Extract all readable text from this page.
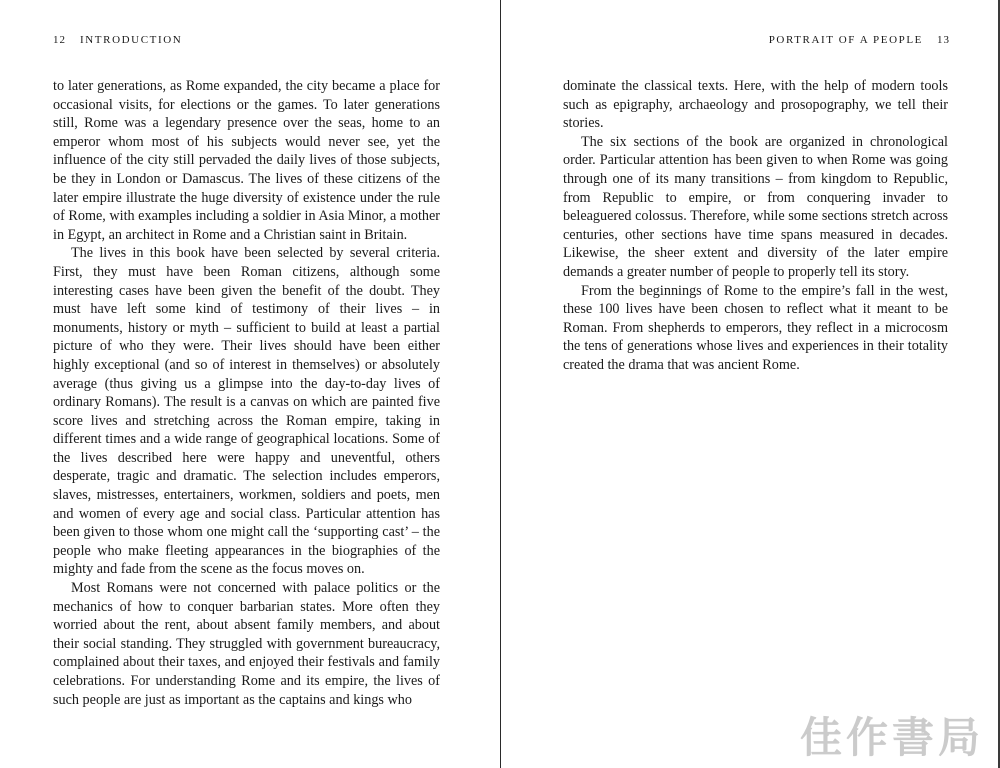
12 INTRODUCTION

to later generations, as Rome expanded, the city became a place for occasional visits, for elections or the games. To later generations still, Rome was a legendary presence over the seas, home to an emperor whom most of his subjects would never see, yet the influence of the city still pervaded the daily lives of those subjects, be they in London or Damascus. The lives of these citizens of the later empire illustrate the huge diversity of existence under the rule of Rome, with examples including a soldier in Asia Minor, a mother in Egypt, an architect in Rome and a Christian saint in Britain.

The lives in this book have been selected by several criteria. First, they must have been Roman citizens, although some interesting cases have been given the benefit of the doubt. They must have left some kind of testimony of their lives – in monuments, history or myth – sufficient to build at least a partial picture of who they were. Their lives should have been either highly exceptional (and so of interest in themselves) or absolutely average (thus giving us a glimpse into the day-to-day lives of ordinary Romans). The result is a canvas on which are painted five score lives and stretching across the Roman empire, taking in different times and a wide range of geographical locations. Some of the lives described here were happy and uneventful, others desperate, tragic and dramatic. The selection includes emperors, slaves, mistresses, entertainers, workmen, soldiers and poets, men and women of every age and social class. Particular attention has been given to those whom one might call the ‘supporting cast’ – the people who make fleeting appearances in the biographies of the mighty and fade from the scene as the focus moves on.

Most Romans were not concerned with palace politics or the mechanics of how to conquer barbarian states. More often they worried about the rent, about absent family members, and about their social standing. They struggled with government bureaucracy, complained about their taxes, and enjoyed their festivals and family celebrations. For understanding Rome and its empire, the lives of such people are just as important as the captains and kings who

PORTRAIT OF A PEOPLE 13

dominate the classical texts. Here, with the help of modern tools such as epigraphy, archaeology and prosopography, we tell their stories.

The six sections of the book are organized in chronological order. Particular attention has been given to when Rome was going through one of its many transitions – from kingdom to Republic, from Republic to empire, or from conquering invader to beleaguered colossus. Therefore, while some sections stretch across centuries, other sections have time spans measured in decades. Likewise, the sheer extent and diversity of the later empire demands a greater number of people to properly tell its story.

From the beginnings of Rome to the empire’s fall in the west, these 100 lives have been chosen to reflect what it meant to be Roman. From shepherds to emperors, they reflect in a microcosm the tens of generations whose lives and experiences in their totality created the drama that was ancient Rome.

佳作書局
